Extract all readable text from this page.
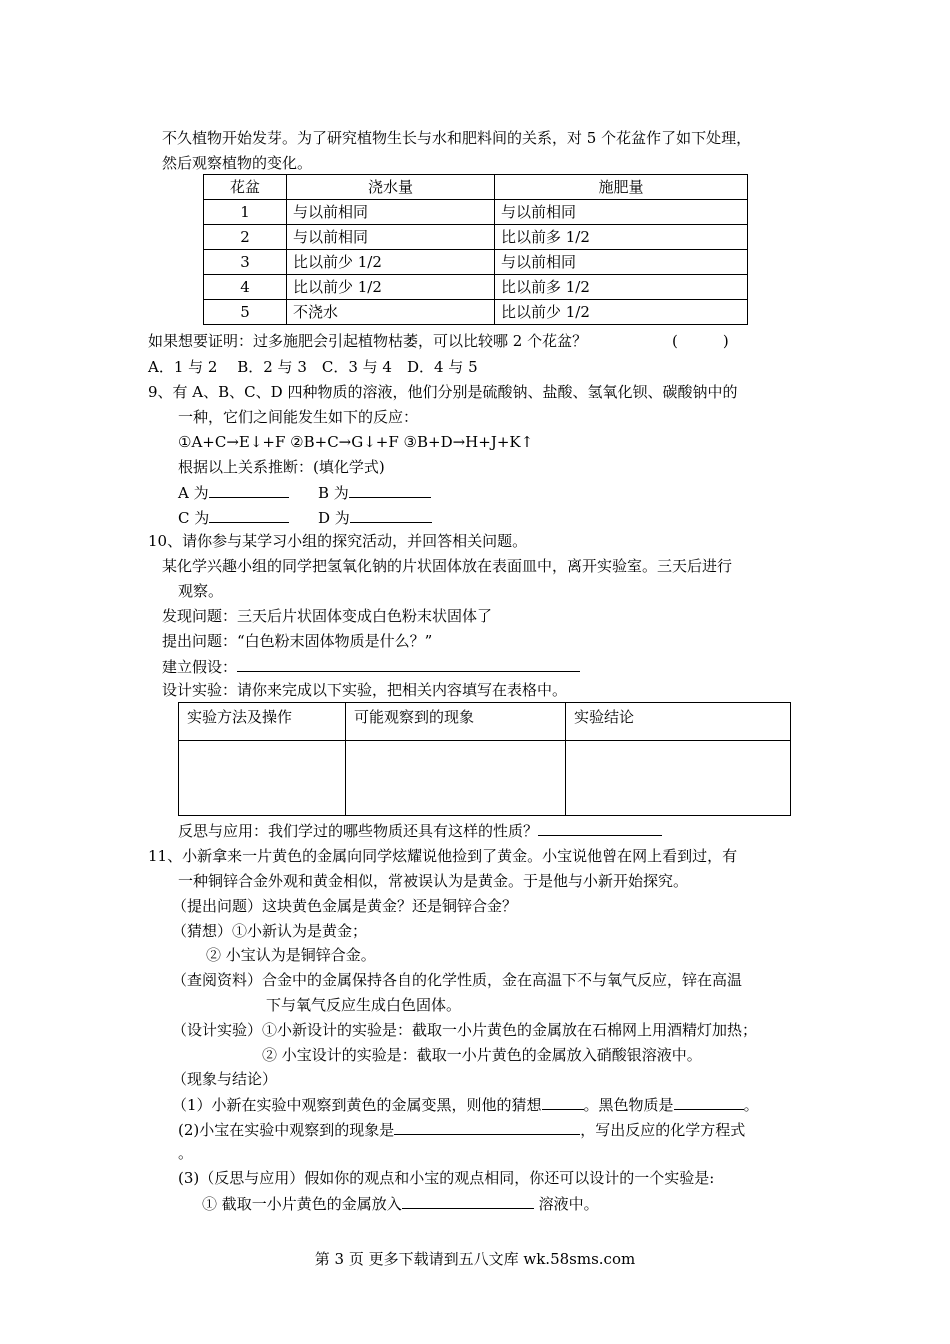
不久植物开始发芽。为了研究植物生长与水和肥料间的关系，对 5 个花盆作了如下处理，
然后观察植物的变化。
花盆	浇水量	施肥量
1	与以前相同	与以前相同
2	与以前相同	比以前多 1/2
3	比以前少 1/2	与以前相同
4	比以前少 1/2	比以前多 1/2
5	不浇水	比以前少 1/2
如果想要证明：过多施肥会引起植物枯萎，可以比较哪 2 个花盆？	(　　　)
A．1 与 2　 B．2 与 3　C．3 与 4　D．4 与 5
9、有 A、B、C、D 四种物质的溶液，他们分别是硫酸钠、盐酸、氢氧化钡、碳酸钠中的
一种，它们之间能发生如下的反应：
①A+C→E↓+F ②B+C→G↓+F ③B+D→H+J+K↑
根据以上关系推断：(填化学式)
A 为	B 为
C 为	D 为
10、请你参与某学习小组的探究活动，并回答相关问题。
某化学兴趣小组的同学把氢氧化钠的片状固体放在表面皿中，离开实验室。三天后进行
观察。
发现问题：三天后片状固体变成白色粉末状固体了
提出问题：“白色粉末固体物质是什么？”
建立假设：
设计实验：请你来完成以下实验，把相关内容填写在表格中。
实验方法及操作	可能观察到的现象	实验结论

反思与应用：我们学过的哪些物质还具有这样的性质？
11、小新拿来一片黄色的金属向同学炫耀说他捡到了黄金。小宝说他曾在网上看到过，有
一种铜锌合金外观和黄金相似，常被误认为是黄金。于是他与小新开始探究。
（提出问题）这块黄色金属是黄金？还是铜锌合金？
（猜想）①小新认为是黄金；
② 小宝认为是铜锌合金。
（查阅资料）合金中的金属保持各自的化学性质，金在高温下不与氧气反应，锌在高温
下与氧气反应生成白色固体。
（设计实验）①小新设计的实验是：截取一小片黄色的金属放在石棉网上用酒精灯加热；
② 小宝设计的实验是：截取一小片黄色的金属放入硝酸银溶液中。
（现象与结论）
（1）小新在实验中观察到黄色的金属变黑，则他的猜想	。黑色物质是	。
(2)小宝在实验中观察到的现象是	，写出反应的化学方程式
。
(3)（反思与应用）假如你的观点和小宝的观点相同，你还可以设计的一个实验是:
① 截取一小片黄色的金属放入	溶液中。
第 3 页 更多下载请到五八文库 wk.58sms.com
